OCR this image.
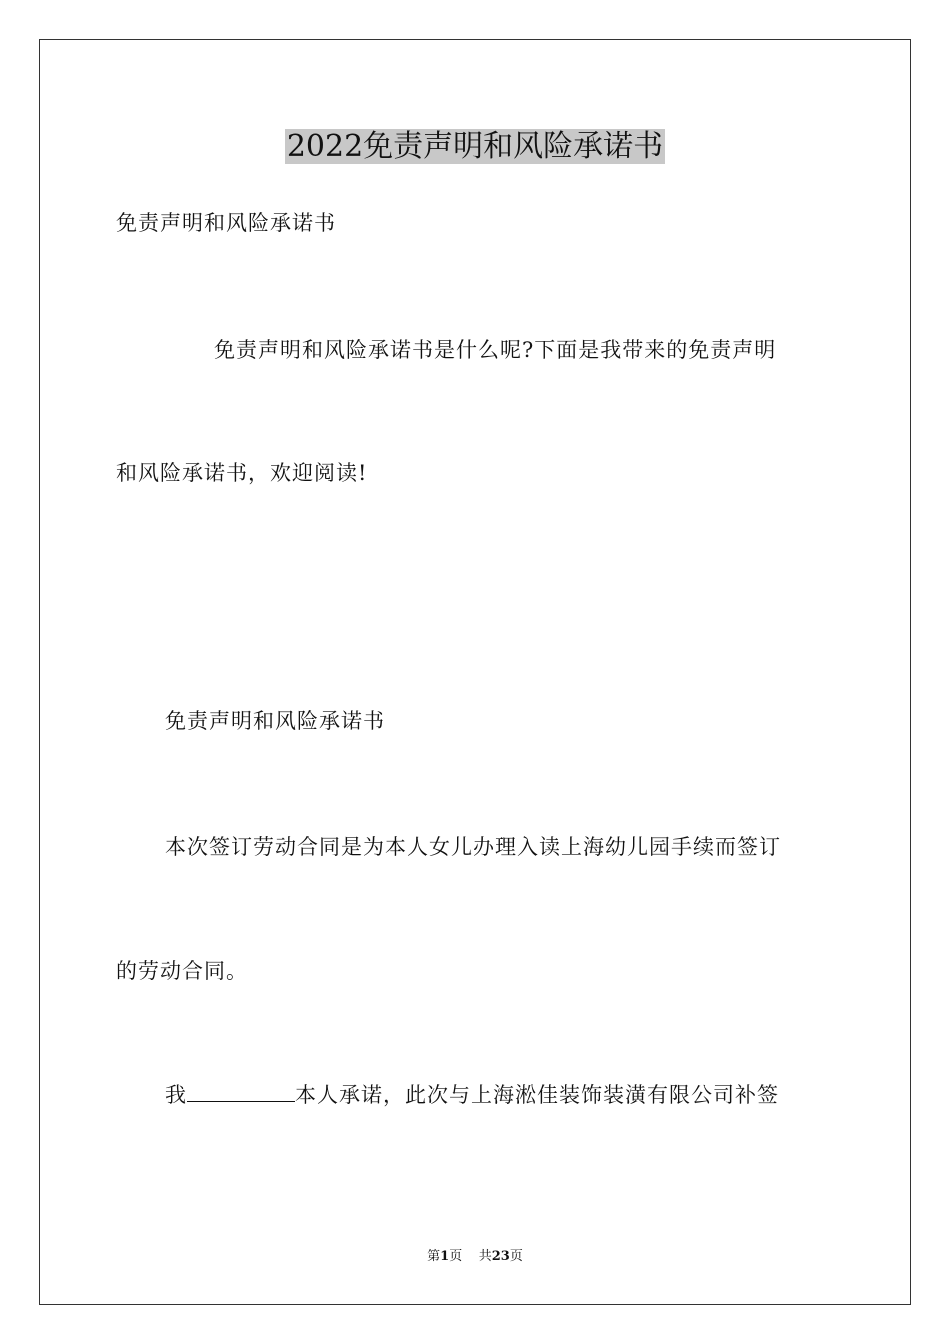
2022免责声明和风险承诺书
免责声明和风险承诺书
免责声明和风险承诺书是什么呢?下面是我带来的免责声明
和风险承诺书，欢迎阅读!
免责声明和风险承诺书
本次签订劳动合同是为本人女儿办理入读上海幼儿园手续而签订
的劳动合同。
我	本人承诺，此次与上海淞佳装饰装潢有限公司补签
第1页 共23页
